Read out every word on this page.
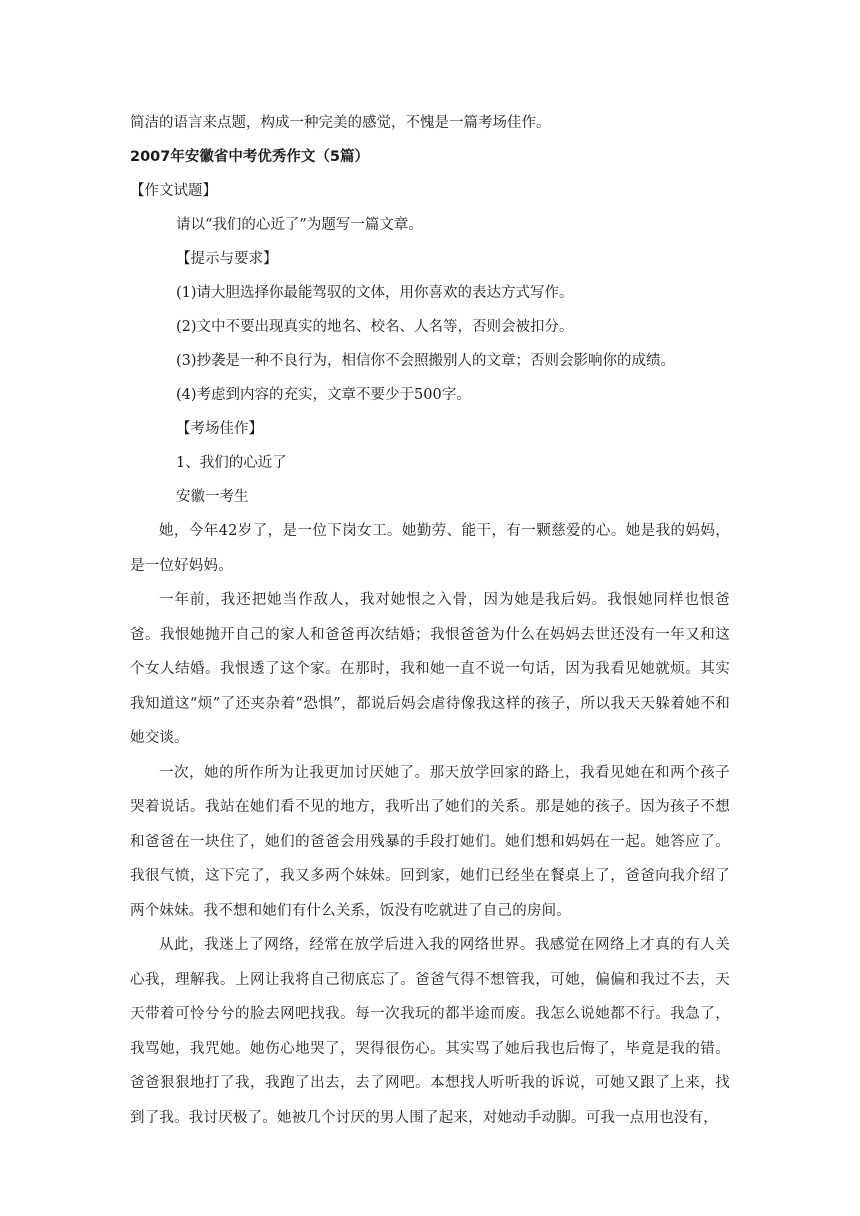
简洁的语言来点题，构成一种完美的感觉，不愧是一篇考场佳作。

2007年安徽省中考优秀作文（5篇）

【作文试题】

请以“我们的心近了”为题写一篇文章。

【提示与要求】

(1)请大胆选择你最能驾驭的文体，用你喜欢的表达方式写作。

(2)文中不要出现真实的地名、校名、人名等，否则会被扣分。

(3)抄袭是一种不良行为，相信你不会照搬别人的文章；否则会影响你的成绩。

(4)考虑到内容的充实，文章不要少于500字。

【考场佳作】

1、我们的心近了

安徽一考生

她，今年42岁了，是一位下岗女工。她勤劳、能干，有一颗慈爱的心。她是我的妈妈，是一位好妈妈。

一年前，我还把她当作敌人，我对她恨之入骨，因为她是我后妈。我恨她同样也恨爸爸。我恨她抛开自己的家人和爸爸再次结婚；我恨爸爸为什么在妈妈去世还没有一年又和这个女人结婚。我恨透了这个家。在那时，我和她一直不说一句话，因为我看见她就烦。其实我知道这“烦”了还夹杂着“恐惧”，都说后妈会虐待像我这样的孩子，所以我天天躲着她不和她交谈。

一次，她的所作所为让我更加讨厌她了。那天放学回家的路上，我看见她在和两个孩子哭着说话。我站在她们看不见的地方，我听出了她们的关系。那是她的孩子。因为孩子不想和爸爸在一块住了，她们的爸爸会用残暴的手段打她们。她们想和妈妈在一起。她答应了。我很气愤，这下完了，我又多两个妹妹。回到家，她们已经坐在餐桌上了，爸爸向我介绍了两个妹妹。我不想和她们有什么关系，饭没有吃就进了自己的房间。

从此，我迷上了网络，经常在放学后进入我的网络世界。我感觉在网络上才真的有人关心我，理解我。上网让我将自己彻底忘了。爸爸气得不想管我，可她，偏偏和我过不去，天天带着可怜兮兮的脸去网吧找我。每一次我玩的都半途而废。我怎么说她都不行。我急了，我骂她，我咒她。她伤心地哭了，哭得很伤心。其实骂了她后我也后悔了，毕竟是我的错。爸爸狠狠地打了我，我跑了出去，去了网吧。本想找人听听我的诉说，可她又跟了上来，找到了我。我讨厌极了。她被几个讨厌的男人围了起来，对她动手动脚。可我一点用也没有，
